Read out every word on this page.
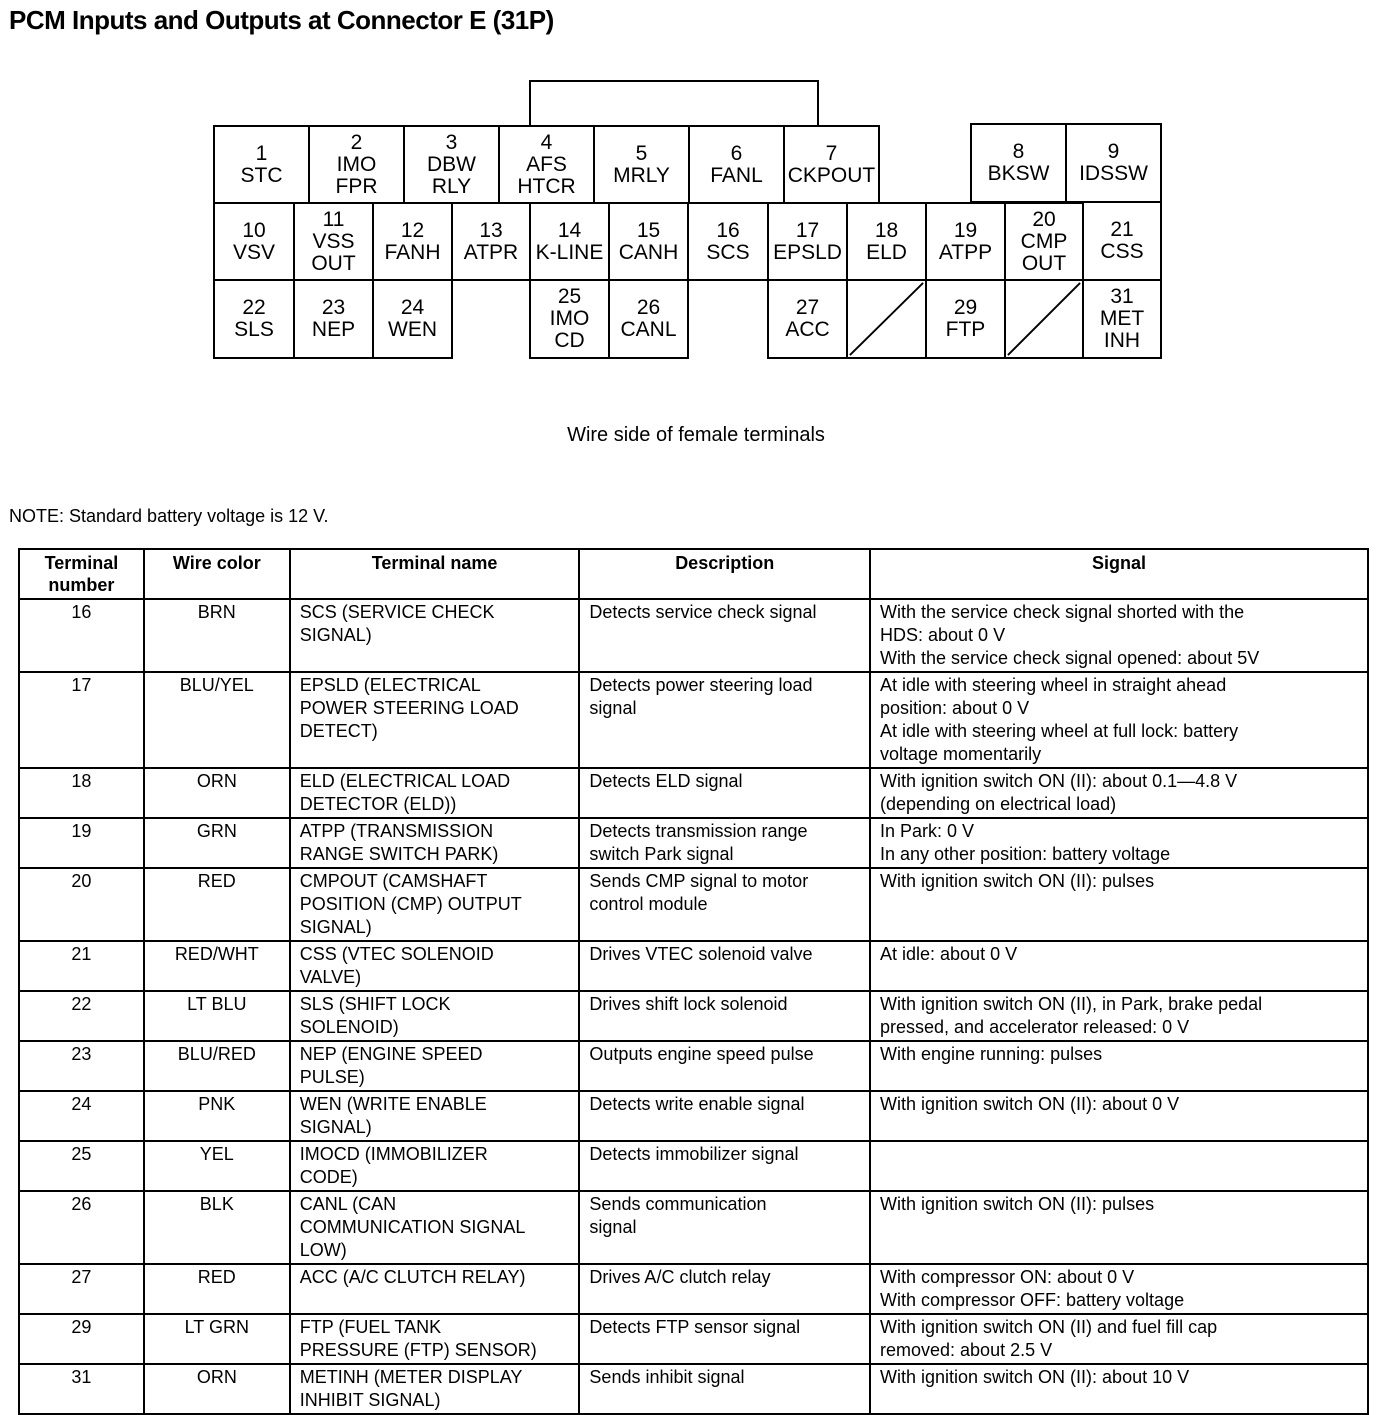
PCM Inputs and Outputs at Connector E (31P)
1
STC
2
IMO
FPR
3
DBW
RLY
4
AFS
HTCR
5
MRLY
6
FANL
7
CKPOUT
8
BKSW
9
IDSSW
10
VSV
11
VSS
OUT
12
FANH
13
ATPR
14
K-LINE
15
CANH
16
SCS
17
EPSLD
18
ELD
19
ATPP
20
CMP
OUT
21
CSS
22
SLS
23
NEP
24
WEN
25
IMO
CD
26
CANL
27
ACC
29
FTP
31
MET
INH
Wire side of female terminals
NOTE: Standard battery voltage is 12 V.
Terminal number	Wire color	Terminal name	Description	Signal
16	BRN	SCS (SERVICE CHECK
SIGNAL)	Detects service check signal	With the service check signal shorted with the
HDS: about 0 V
With the service check signal opened: about 5V
17	BLU/YEL	EPSLD (ELECTRICAL
POWER STEERING LOAD
DETECT)	Detects power steering load
signal	At idle with steering wheel in straight ahead
position: about 0 V
At idle with steering wheel at full lock: battery
voltage momentarily
18	ORN	ELD (ELECTRICAL LOAD
DETECTOR (ELD))	Detects ELD signal	With ignition switch ON (II): about 0.1—4.8 V
(depending on electrical load)
19	GRN	ATPP (TRANSMISSION
RANGE SWITCH PARK)	Detects transmission range
switch Park signal	In Park: 0 V
In any other position: battery voltage
20	RED	CMPOUT (CAMSHAFT
POSITION (CMP) OUTPUT
SIGNAL)	Sends CMP signal to motor
control module	With ignition switch ON (II): pulses
21	RED/WHT	CSS (VTEC SOLENOID
VALVE)	Drives VTEC solenoid valve	At idle: about 0 V
22	LT BLU	SLS (SHIFT LOCK
SOLENOID)	Drives shift lock solenoid	With ignition switch ON (II), in Park, brake pedal
pressed, and accelerator released: 0 V
23	BLU/RED	NEP (ENGINE SPEED
PULSE)	Outputs engine speed pulse	With engine running: pulses
24	PNK	WEN (WRITE ENABLE
SIGNAL)	Detects write enable signal	With ignition switch ON (II): about 0 V
25	YEL	IMOCD (IMMOBILIZER
CODE)	Detects immobilizer signal	
26	BLK	CANL (CAN
COMMUNICATION SIGNAL
LOW)	Sends communication
signal	With ignition switch ON (II): pulses
27	RED	ACC (A/C CLUTCH RELAY)	Drives A/C clutch relay	With compressor ON: about 0 V
With compressor OFF: battery voltage
29	LT GRN	FTP (FUEL TANK
PRESSURE (FTP) SENSOR)	Detects FTP sensor signal	With ignition switch ON (II) and fuel fill cap
removed: about 2.5 V
31	ORN	METINH (METER DISPLAY
INHIBIT SIGNAL)	Sends inhibit signal	With ignition switch ON (II): about 10 V
